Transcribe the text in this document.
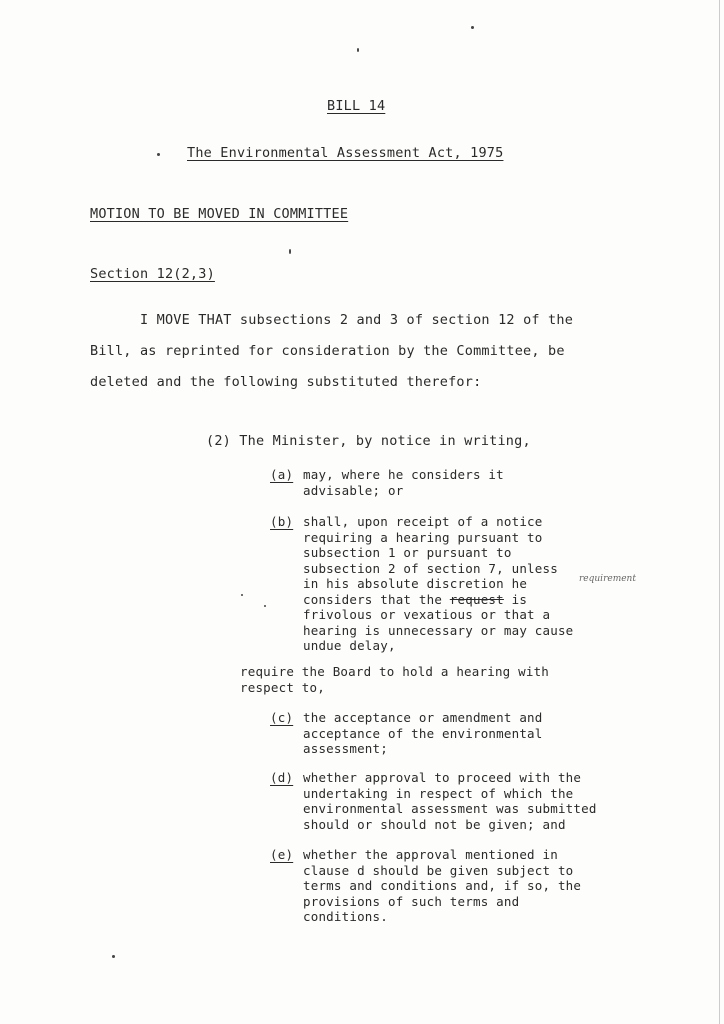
BILL 14
The Environmental Assessment Act, 1975
MOTION TO BE MOVED IN COMMITTEE
Section 12(2,3)
I MOVE THAT subsections 2 and 3 of section 12 of the
Bill, as reprinted for consideration by the Committee, be
deleted and the following substituted therefor:
(2) The Minister, by notice in writing,
(a) may, where he considers it
advisable; or
(b) shall, upon receipt of a notice
requiring a hearing pursuant to
subsection 1 or pursuant to
subsection 2 of section 7, unless
in his absolute discretion he
considers that the request is
frivolous or vexatious or that a
hearing is unnecessary or may cause
undue delay,
requirement
require the Board to hold a hearing with
respect to,
(c) the acceptance or amendment and
acceptance of the environmental
assessment;
(d) whether approval to proceed with the
undertaking in respect of which the
environmental assessment was submitted
should or should not be given; and
(e) whether the approval mentioned in
clause d should be given subject to
terms and conditions and, if so, the
provisions of such terms and
conditions.
